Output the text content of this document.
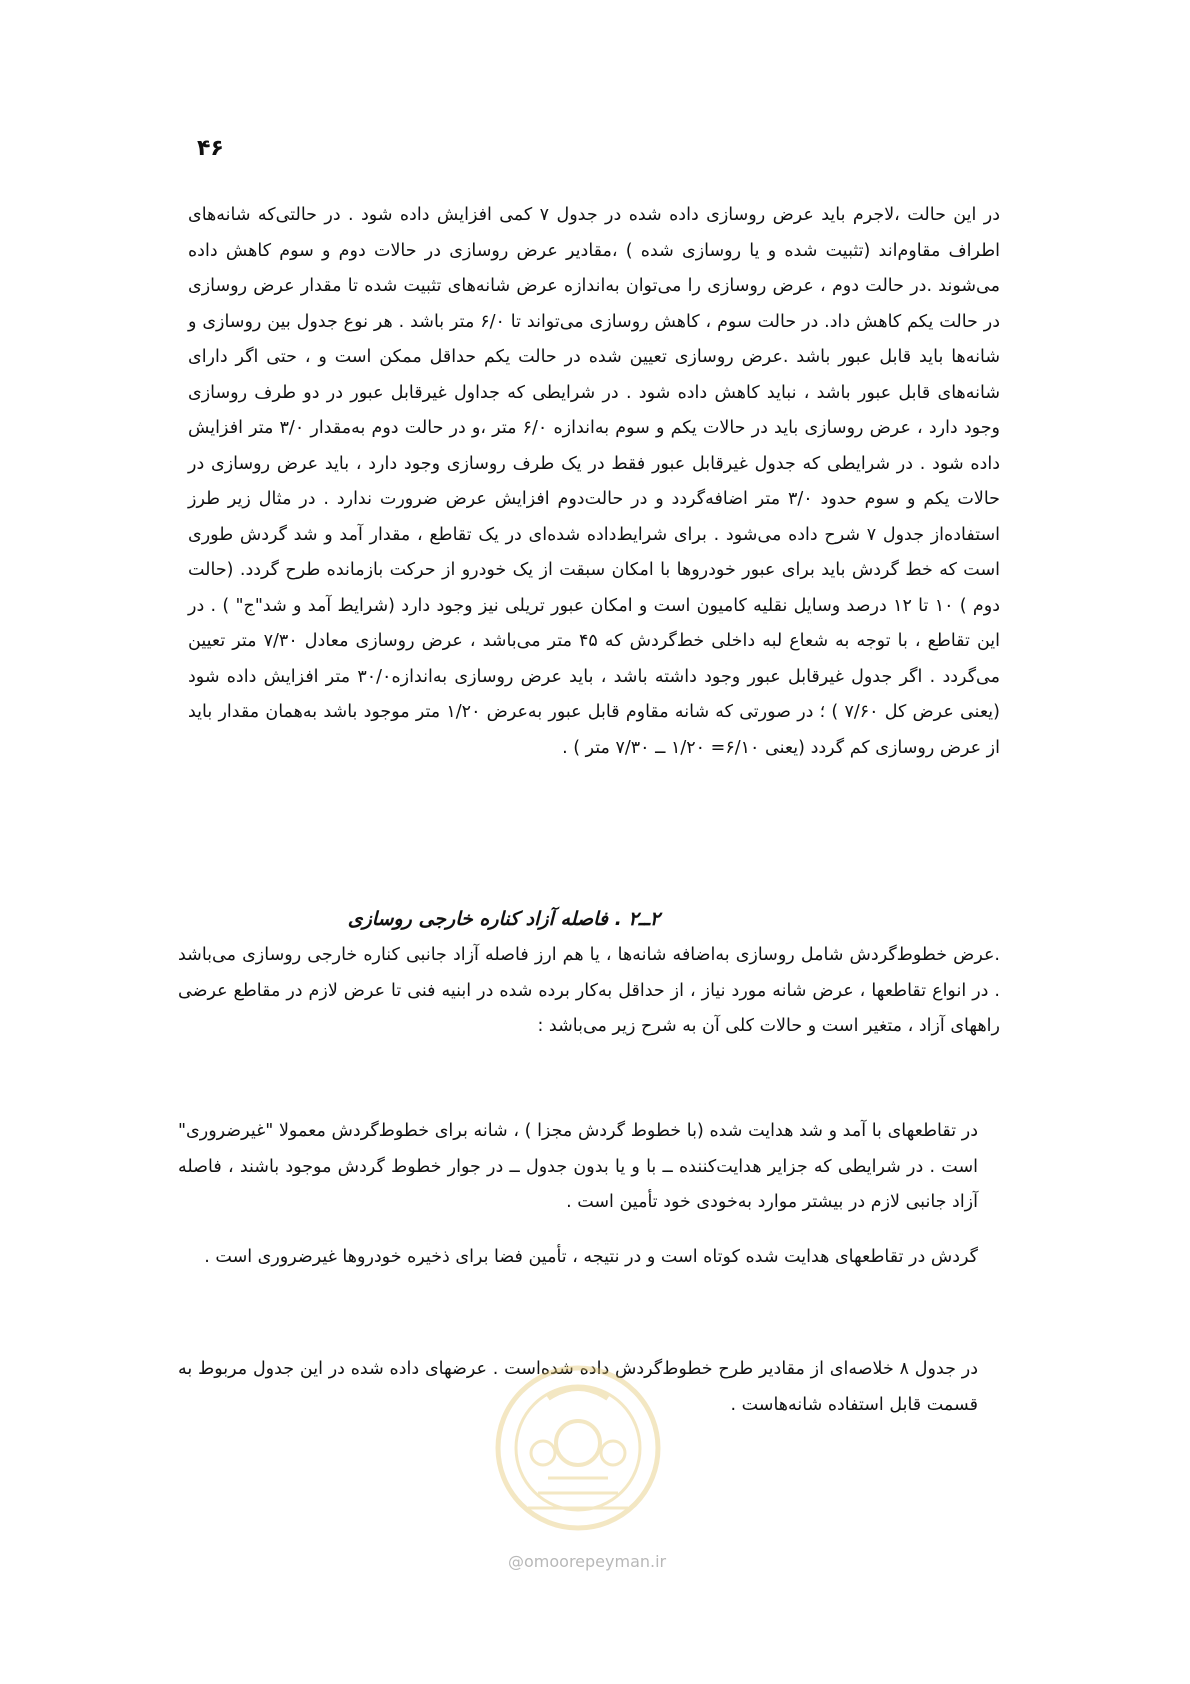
۴۶

در این حالت ،لاجرم باید عرض روسازی داده شده در جدول ۷ کمی افزایش داده شود . در حالتی‌که شانه‌های اطراف مقاوم‌اند (تثبیت شده و یا روسازی شده ) ،مقادیر عرض روسازی در حالات دوم و سوم کاهش داده می‌شوند .در حالت دوم ، عرض روسازی را می‌توان به‌اندازه عرض شانه‌های تثبیت شده تا مقدار عرض روسازی در حالت یکم کاهش داد. در حالت سوم ، کاهش روسازی می‌تواند تا ۶/۰ متر باشد . هر نوع جدول بین روسازی و شانه‌ها باید قابل عبور باشد .عرض روسازی تعیین شده در حالت یکم حداقل ممکن است و ، حتی اگر دارای شانه‌های قابل عبور باشد ، نباید کاهش داده شود . در شرایطی که جداول غیرقابل عبور در دو طرف روسازی وجود دارد ، عرض روسازی باید در حالات یکم و سوم به‌اندازه ۶/۰ متر ،و در حالت دوم به‌مقدار ۳/۰ متر افزایش داده شود . در شرایطی که جدول غیرقابل عبور فقط در یک طرف روسازی وجود دارد ، باید عرض روسازی در حالات یکم و سوم حدود ۳/۰ متر اضافه‌گردد و در حالت‌دوم افزایش عرض ضرورت ندارد . در مثال زیر طرز استفاده‌از جدول ۷ شرح داده می‌شود . برای شرایط‌داده شده‌ای در یک تقاطع ، مقدار آمد و شد گردش طوری است که خط گردش باید برای عبور خودروها با امکان سبقت از یک خودرو از حرکت بازمانده طرح گردد. (حالت دوم ) ۱۰ تا ۱۲ درصد وسایل نقلیه کامیون است و امکان عبور تریلی نیز وجود دارد (شرایط آمد و شد"ج" ) . در این تقاطع ، با توجه به شعاع لبه داخلی خط‌گردش که ۴۵ متر می‌باشد ، عرض روسازی معادل ۷/۳۰ متر تعیین می‌گردد . اگر جدول غیرقابل عبور وجود داشته باشد ، باید عرض روسازی به‌اندازه۳۰/۰ متر افزایش داده شود (یعنی عرض کل ۷/۶۰ ) ؛ در صورتی که شانه مقاوم قابل عبور به‌عرض ۱/۲۰ متر موجود باشد به‌همان مقدار باید از عرض روسازی کم گردد (یعنی ۶/۱۰= ۱/۲۰ ــ ۷/۳۰ متر ) .

۲ــ۲ . فاصله آزاد کناره خارجی روسازی

.عرض خطوط‌گردش شامل روسازی به‌اضافه شانه‌ها ، یا هم ارز فاصله آزاد جانبی کناره خارجی روسازی می‌باشد . در انواع تقاطعها ، عرض شانه مورد نیاز ، از حداقل به‌کار برده شده در ابنیه فنی تا عرض لازم در مقاطع عرضی راههای آزاد ، متغیر است و حالات کلی آن به شرح زیر می‌باشد :

در تقاطعهای با آمد و شد هدایت شده (با خطوط گردش مجزا ) ، شانه برای خطوط‌گردش معمولا "غیرضروری" است . در شرایطی که جزایر هدایت‌کننده ــ با و یا بدون جدول ــ در جوار خطوط گردش موجود باشند ، فاصله آزاد جانبی لازم در بیشتر موارد به‌خودی خود تأمین است .

گردش در تقاطعهای هدایت شده کوتاه است و در نتیجه ، تأمین فضا برای ذخیره خودروها غیرضروری است .

در جدول ۸ خلاصه‌ای از مقادیر طرح خطوط‌گردش داده شده‌است . عرضهای داده شده در این جدول مربوط به قسمت قابل استفاده شانه‌هاست .

@omoorepeyman.ir
